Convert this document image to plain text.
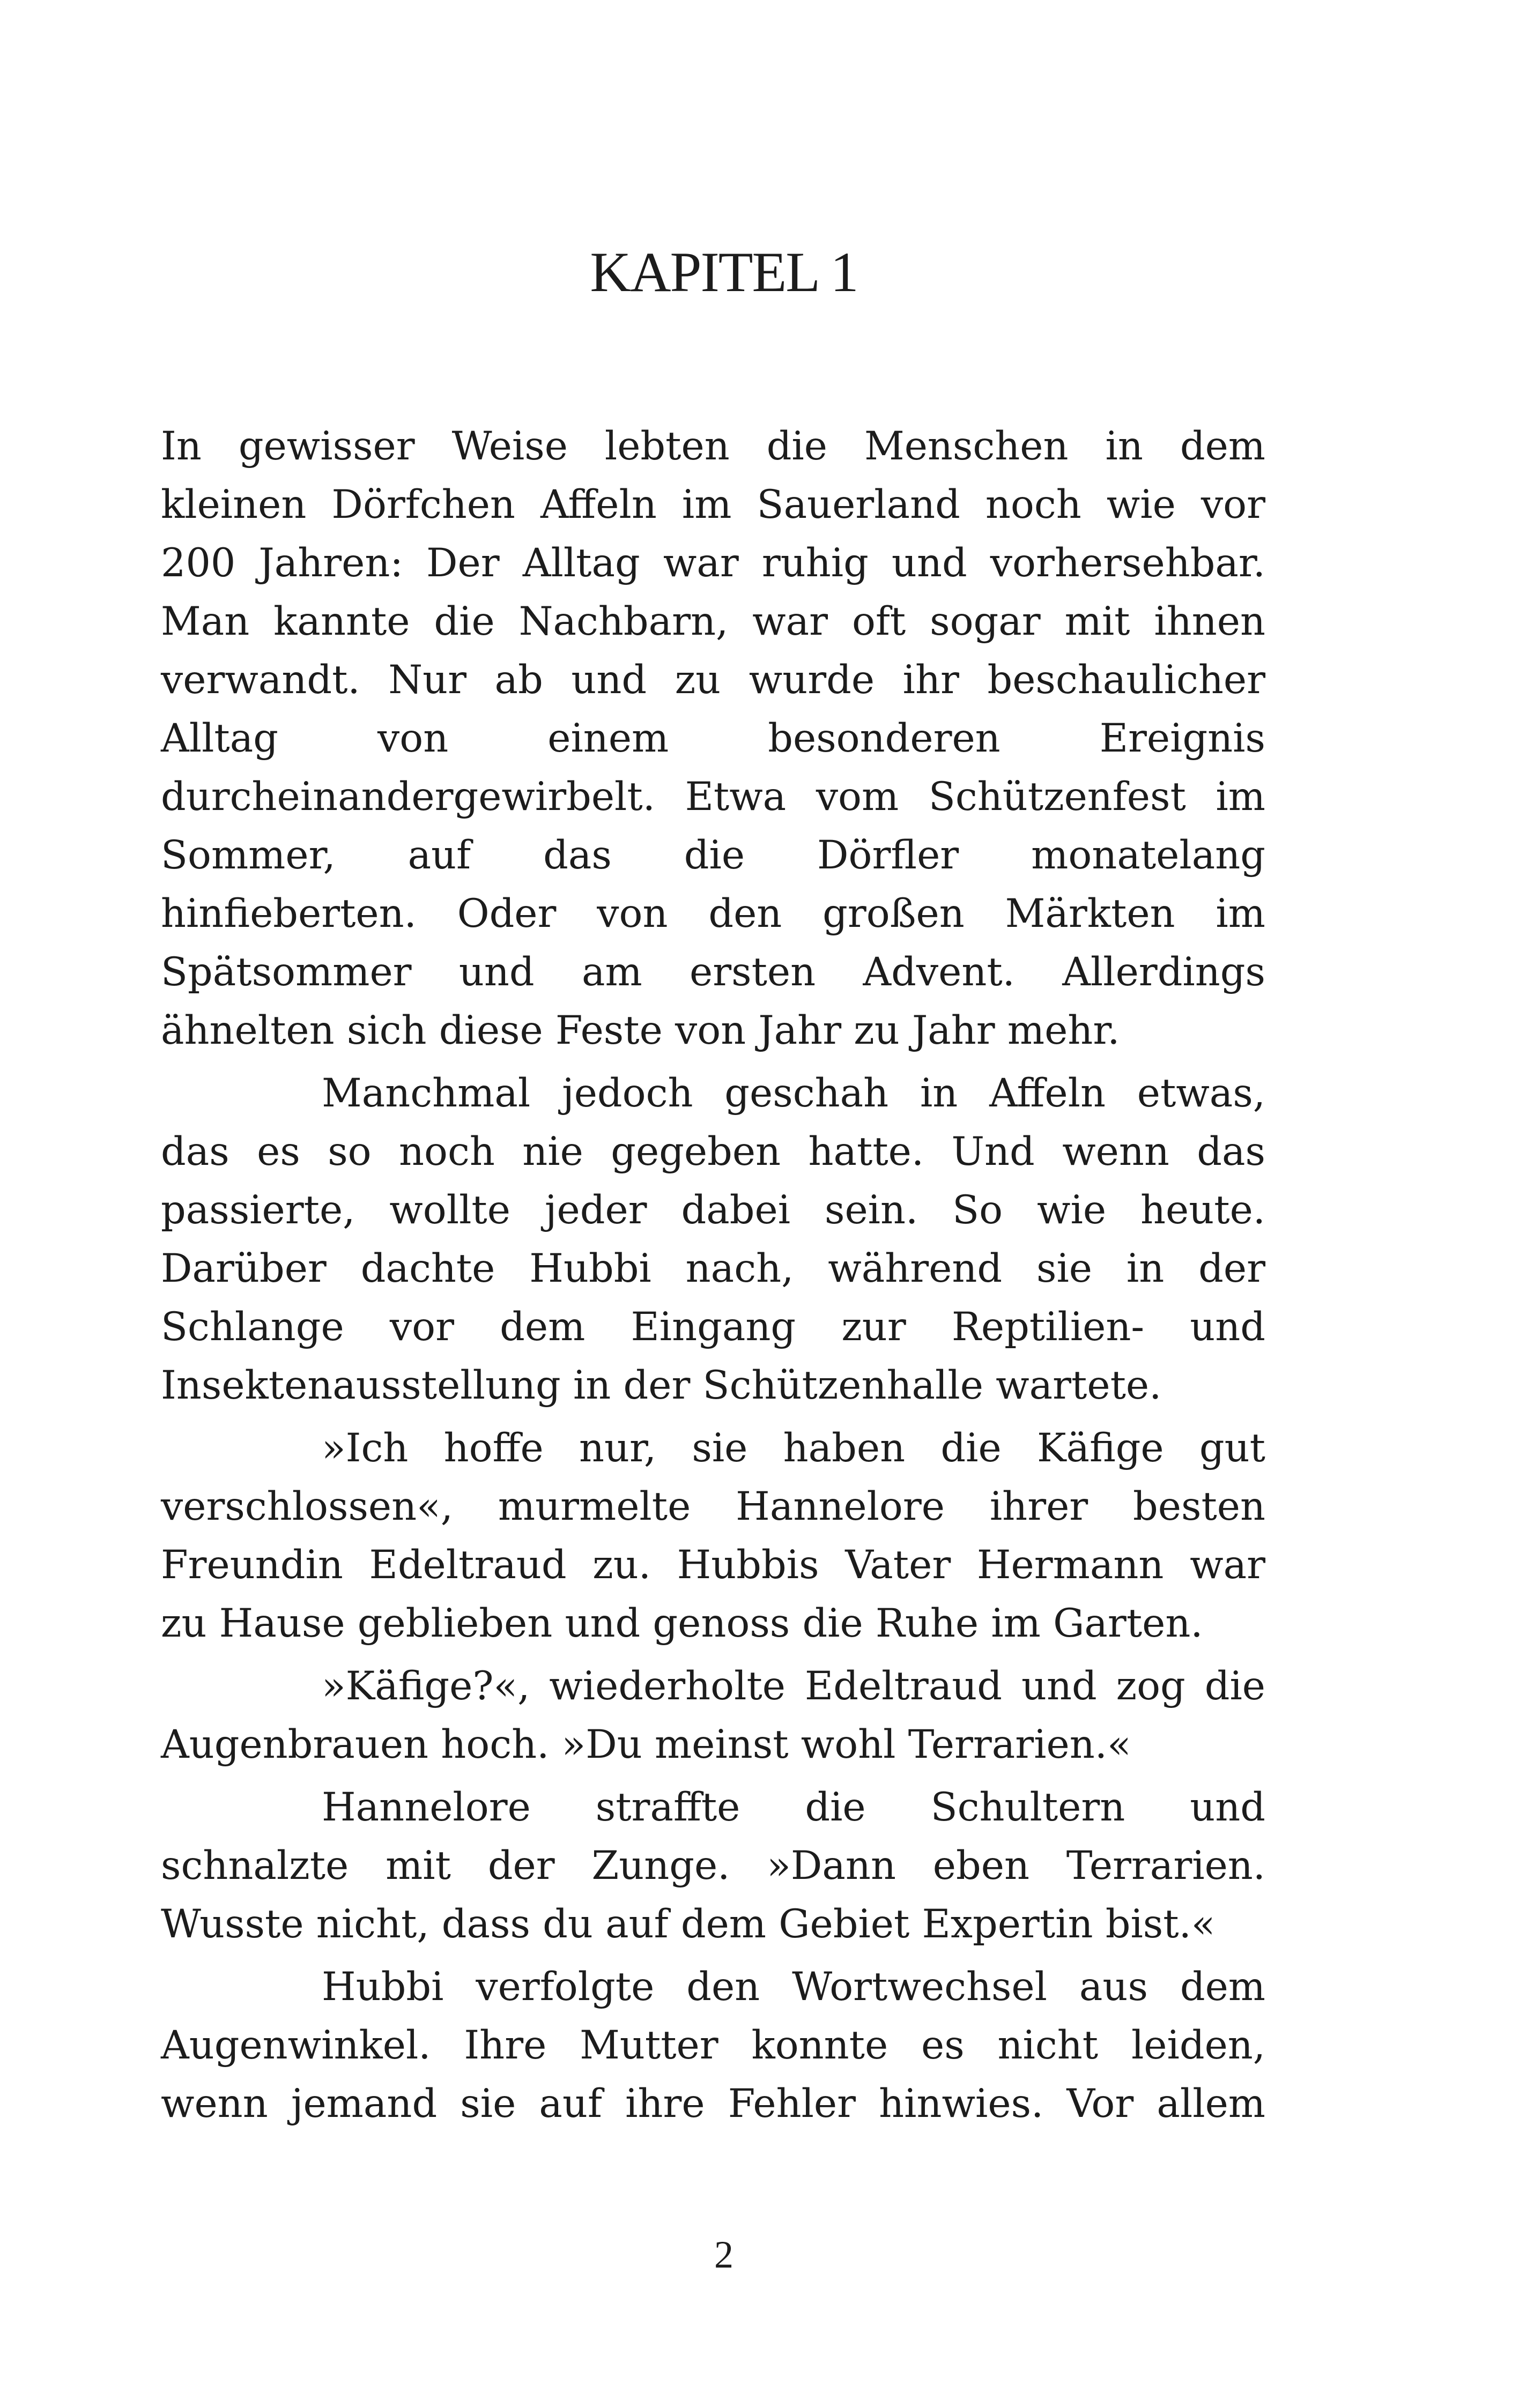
KAPITEL 1
In gewisser Weise lebten die Menschen in dem
kleinen Dörfchen Affeln im Sauerland noch wie vor
200 Jahren: Der Alltag war ruhig und vorhersehbar.
Man kannte die Nachbarn, war oft sogar mit ihnen
verwandt. Nur ab und zu wurde ihr beschaulicher
Alltag von einem besonderen Ereignis
durcheinandergewirbelt. Etwa vom Schützenfest im
Sommer, auf das die Dörfler monatelang
hinfieberten. Oder von den großen Märkten im
Spätsommer und am ersten Advent. Allerdings
ähnelten sich diese Feste von Jahr zu Jahr mehr.
Manchmal jedoch geschah in Affeln etwas,
das es so noch nie gegeben hatte. Und wenn das
passierte, wollte jeder dabei sein. So wie heute.
Darüber dachte Hubbi nach, während sie in der
Schlange vor dem Eingang zur Reptilien- und
Insektenausstellung in der Schützenhalle wartete.
»Ich hoffe nur, sie haben die Käfige gut
verschlossen«, murmelte Hannelore ihrer besten
Freundin Edeltraud zu. Hubbis Vater Hermann war
zu Hause geblieben und genoss die Ruhe im Garten.
»Käfige?«, wiederholte Edeltraud und zog die
Augenbrauen hoch. »Du meinst wohl Terrarien.«
Hannelore straffte die Schultern und
schnalzte mit der Zunge. »Dann eben Terrarien.
Wusste nicht, dass du auf dem Gebiet Expertin bist.«
Hubbi verfolgte den Wortwechsel aus dem
Augenwinkel. Ihre Mutter konnte es nicht leiden,
wenn jemand sie auf ihre Fehler hinwies. Vor allem
2
